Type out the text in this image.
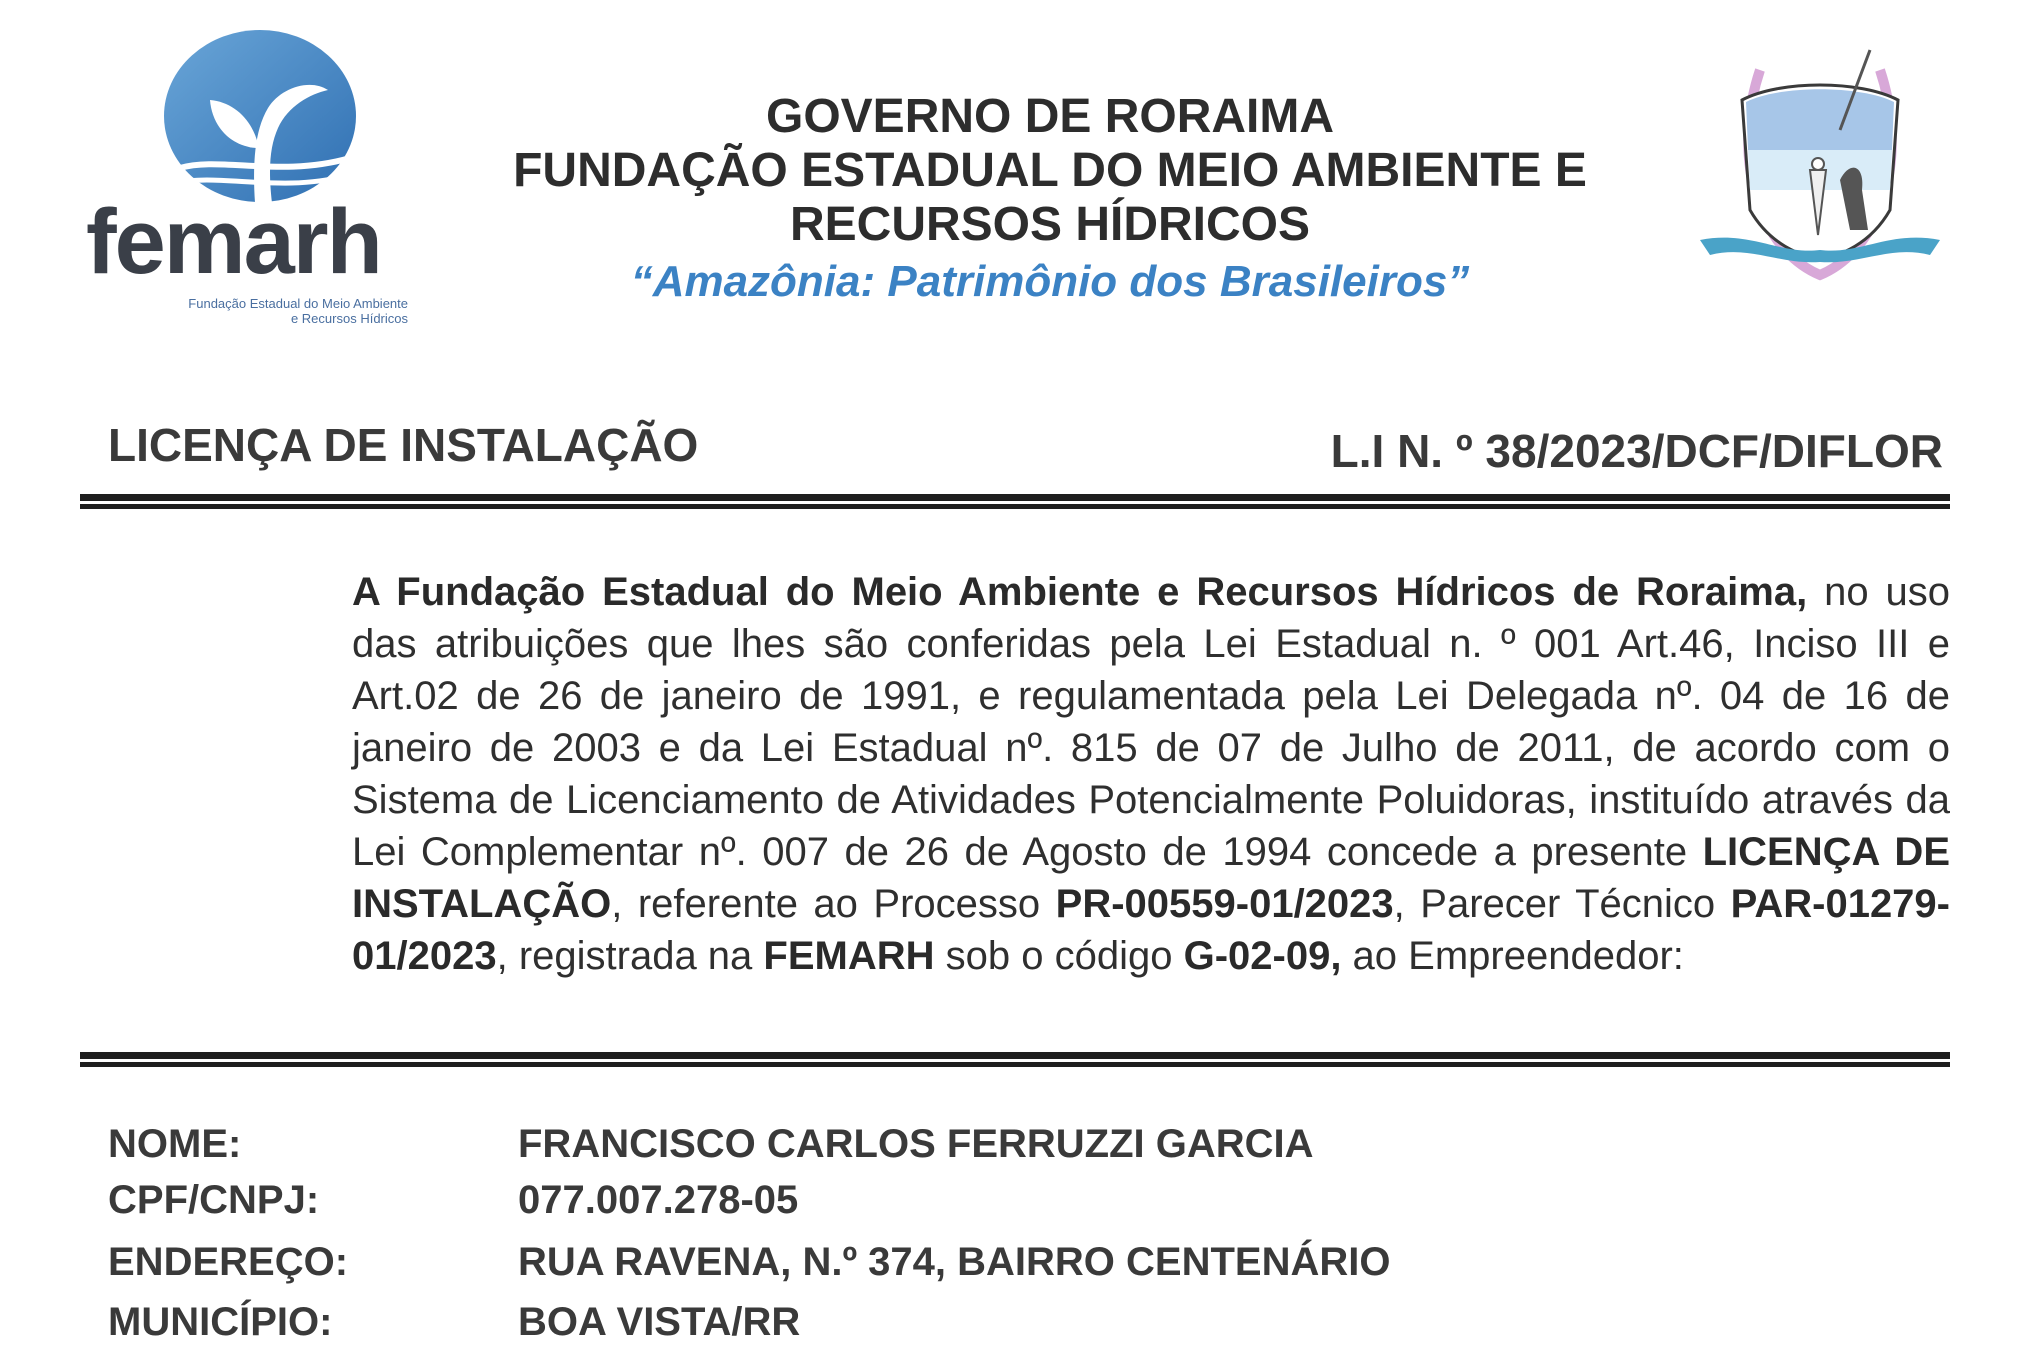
femarh
Fundação Estadual do Meio Ambiente
e Recursos Hídricos
GOVERNO DE RORAIMA
FUNDAÇÃO ESTADUAL DO MEIO AMBIENTE E
RECURSOS HÍDRICOS
“Amazônia: Patrimônio dos Brasileiros”
LICENÇA DE INSTALAÇÃO	L.I N. º 38/2023/DCF/DIFLOR
A Fundação Estadual do Meio Ambiente e Recursos Hídricos de Roraima, no uso das atribuições que lhes são conferidas pela Lei Estadual n. º 001 Art.46, Inciso III e Art.02 de 26 de janeiro de 1991, e regulamentada pela Lei Delegada nº. 04 de 16 de janeiro de 2003 e da Lei Estadual nº. 815 de 07 de Julho de 2011, de acordo com o Sistema de Licenciamento de Atividades Potencialmente Poluidoras, instituído através da Lei Complementar nº. 007 de 26 de Agosto de 1994 concede a presente LICENÇA DE INSTALAÇÃO, referente ao Processo PR-00559-01/2023, Parecer Técnico PAR-01279-01/2023, registrada na FEMARH sob o código G-02-09, ao Empreendedor:
NOME:	FRANCISCO CARLOS FERRUZZI GARCIA
CPF/CNPJ:	077.007.278-05
ENDEREÇO:	RUA RAVENA, N.º 374, BAIRRO CENTENÁRIO
MUNICÍPIO:	BOA VISTA/RR
